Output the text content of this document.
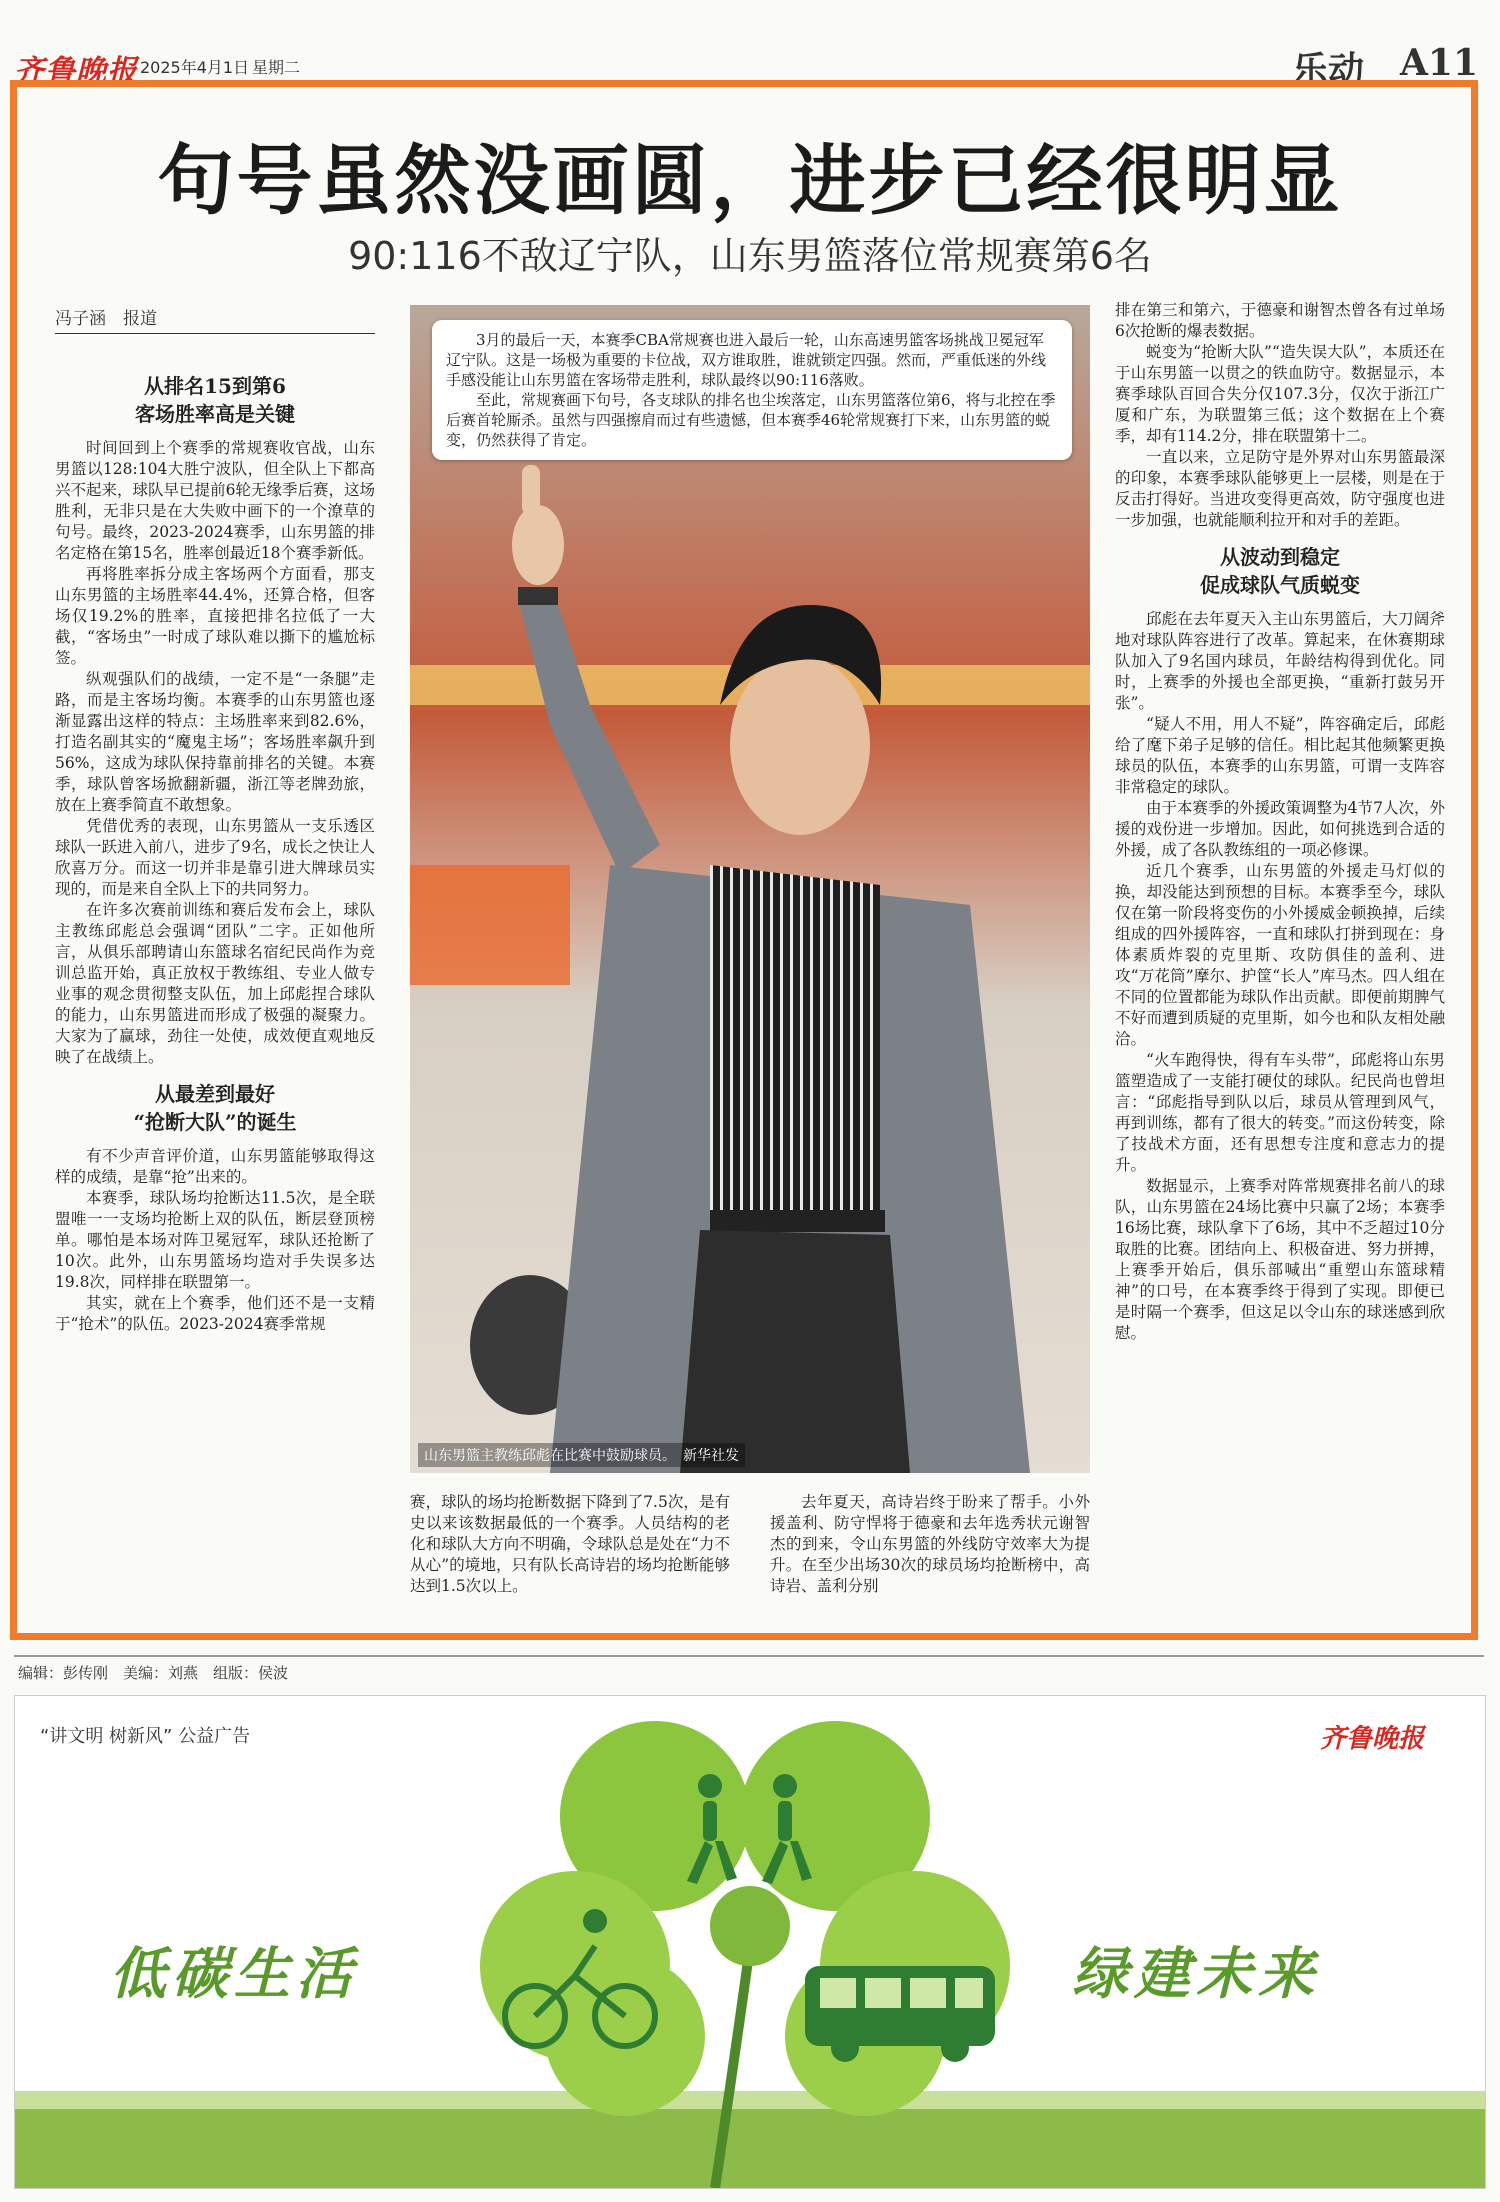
齐鲁晚报 2025年4月1日 星期二	乐动 A11
句号虽然没画圆，进步已经很明显
90:116不敌辽宁队，山东男篮落位常规赛第6名
冯子涵　报道
从排名15到第6
客场胜率高是关键

时间回到上个赛季的常规赛收官战，山东男篮以128:104大胜宁波队，但全队上下都高兴不起来，球队早已提前6轮无缘季后赛，这场胜利，无非只是在大失败中画下的一个潦草的句号。最终，2023-2024赛季，山东男篮的排名定格在第15名，胜率创最近18个赛季新低。

再将胜率拆分成主客场两个方面看，那支山东男篮的主场胜率44.4%，还算合格，但客场仅19.2%的胜率，直接把排名拉低了一大截，“客场虫”一时成了球队难以撕下的尴尬标签。

纵观强队们的战绩，一定不是“一条腿”走路，而是主客场均衡。本赛季的山东男篮也逐渐显露出这样的特点：主场胜率来到82.6%，打造名副其实的“魔鬼主场”；客场胜率飙升到56%，这成为球队保持靠前排名的关键。本赛季，球队曾客场掀翻新疆，浙江等老牌劲旅，放在上赛季简直不敢想象。

凭借优秀的表现，山东男篮从一支乐透区球队一跃进入前八，进步了9名，成长之快让人欣喜万分。而这一切并非是靠引进大牌球员实现的，而是来自全队上下的共同努力。

在许多次赛前训练和赛后发布会上，球队主教练邱彪总会强调“团队”二字。正如他所言，从俱乐部聘请山东篮球名宿纪民尚作为竞训总监开始，真正放权于教练组、专业人做专业事的观念贯彻整支队伍，加上邱彪捏合球队的能力，山东男篮进而形成了极强的凝聚力。大家为了赢球，劲往一处使，成效便直观地反映了在战绩上。

从最差到最好
“抢断大队”的诞生

有不少声音评价道，山东男篮能够取得这样的成绩，是靠“抢”出来的。

本赛季，球队场均抢断达11.5次，是全联盟唯一一支场均抢断上双的队伍，断层登顶榜单。哪怕是本场对阵卫冕冠军，球队还抢断了10次。此外，山东男篮场均造对手失误多达19.8次，同样排在联盟第一。

其实，就在上个赛季，他们还不是一支精于“抢术”的队伍。2023-2024赛季常规

3月的最后一天，本赛季CBA常规赛也进入最后一轮，山东高速男篮客场挑战卫冕冠军辽宁队。这是一场极为重要的卡位战，双方谁取胜，谁就锁定四强。然而，严重低迷的外线手感没能让山东男篮在客场带走胜利，球队最终以90:116落败。

至此，常规赛画下句号，各支球队的排名也尘埃落定，山东男篮落位第6，将与北控在季后赛首轮厮杀。虽然与四强擦肩而过有些遗憾，但本赛季46轮常规赛打下来，山东男篮的蜕变，仍然获得了肯定。

山东男篮主教练邱彪在比赛中鼓励球员。　新华社发

赛，球队的场均抢断数据下降到了7.5次，是有史以来该数据最低的一个赛季。人员结构的老化和球队大方向不明确，令球队总是处在“力不从心”的境地，只有队长高诗岩的场均抢断能够达到1.5次以上。

去年夏天，高诗岩终于盼来了帮手。小外援盖利、防守悍将于德豪和去年选秀状元谢智杰的到来，令山东男篮的外线防守效率大为提升。在至少出场30次的球员场均抢断榜中，高诗岩、盖利分别

排在第三和第六，于德豪和谢智杰曾各有过单场6次抢断的爆表数据。

蜕变为“抢断大队”“造失误大队”，本质还在于山东男篮一以贯之的铁血防守。数据显示，本赛季球队百回合失分仅107.3分，仅次于浙江广厦和广东，为联盟第三低；这个数据在上个赛季，却有114.2分，排在联盟第十二。

一直以来，立足防守是外界对山东男篮最深的印象，本赛季球队能够更上一层楼，则是在于反击打得好。当进攻变得更高效，防守强度也进一步加强，也就能顺利拉开和对手的差距。

从波动到稳定
促成球队气质蜕变

邱彪在去年夏天入主山东男篮后，大刀阔斧地对球队阵容进行了改革。算起来，在休赛期球队加入了9名国内球员，年龄结构得到优化。同时，上赛季的外援也全部更换，“重新打鼓另开张”。

“疑人不用，用人不疑”，阵容确定后，邱彪给了麾下弟子足够的信任。相比起其他频繁更换球员的队伍，本赛季的山东男篮，可谓一支阵容非常稳定的球队。

由于本赛季的外援政策调整为4节7人次，外援的戏份进一步增加。因此，如何挑选到合适的外援，成了各队教练组的一项必修课。

近几个赛季，山东男篮的外援走马灯似的换，却没能达到预想的目标。本赛季至今，球队仅在第一阶段将变伤的小外援威金顿换掉，后续组成的四外援阵容，一直和球队打拼到现在：身体素质炸裂的克里斯、攻防俱佳的盖利、进攻“万花筒”摩尔、护筐“长人”库马杰。四人组在不同的位置都能为球队作出贡献。即便前期脾气不好而遭到质疑的克里斯，如今也和队友相处融洽。

“火车跑得快，得有车头带”，邱彪将山东男篮塑造成了一支能打硬仗的球队。纪民尚也曾坦言：“邱彪指导到队以后，球员从管理到风气，再到训练，都有了很大的转变。”而这份转变，除了技战术方面，还有思想专注度和意志力的提升。

数据显示，上赛季对阵常规赛排名前八的球队，山东男篮在24场比赛中只赢了2场；本赛季16场比赛，球队拿下了6场，其中不乏超过10分取胜的比赛。团结向上、积极奋进、努力拼搏，上赛季开始后，俱乐部喊出“重塑山东篮球精神”的口号，在本赛季终于得到了实现。即便已是时隔一个赛季，但这足以令山东的球迷感到欣慰。

编辑：彭传刚　美编：刘燕　组版：侯波
“讲文明 树新风” 公益广告	齐鲁晚报
低碳生活	绿建未来
